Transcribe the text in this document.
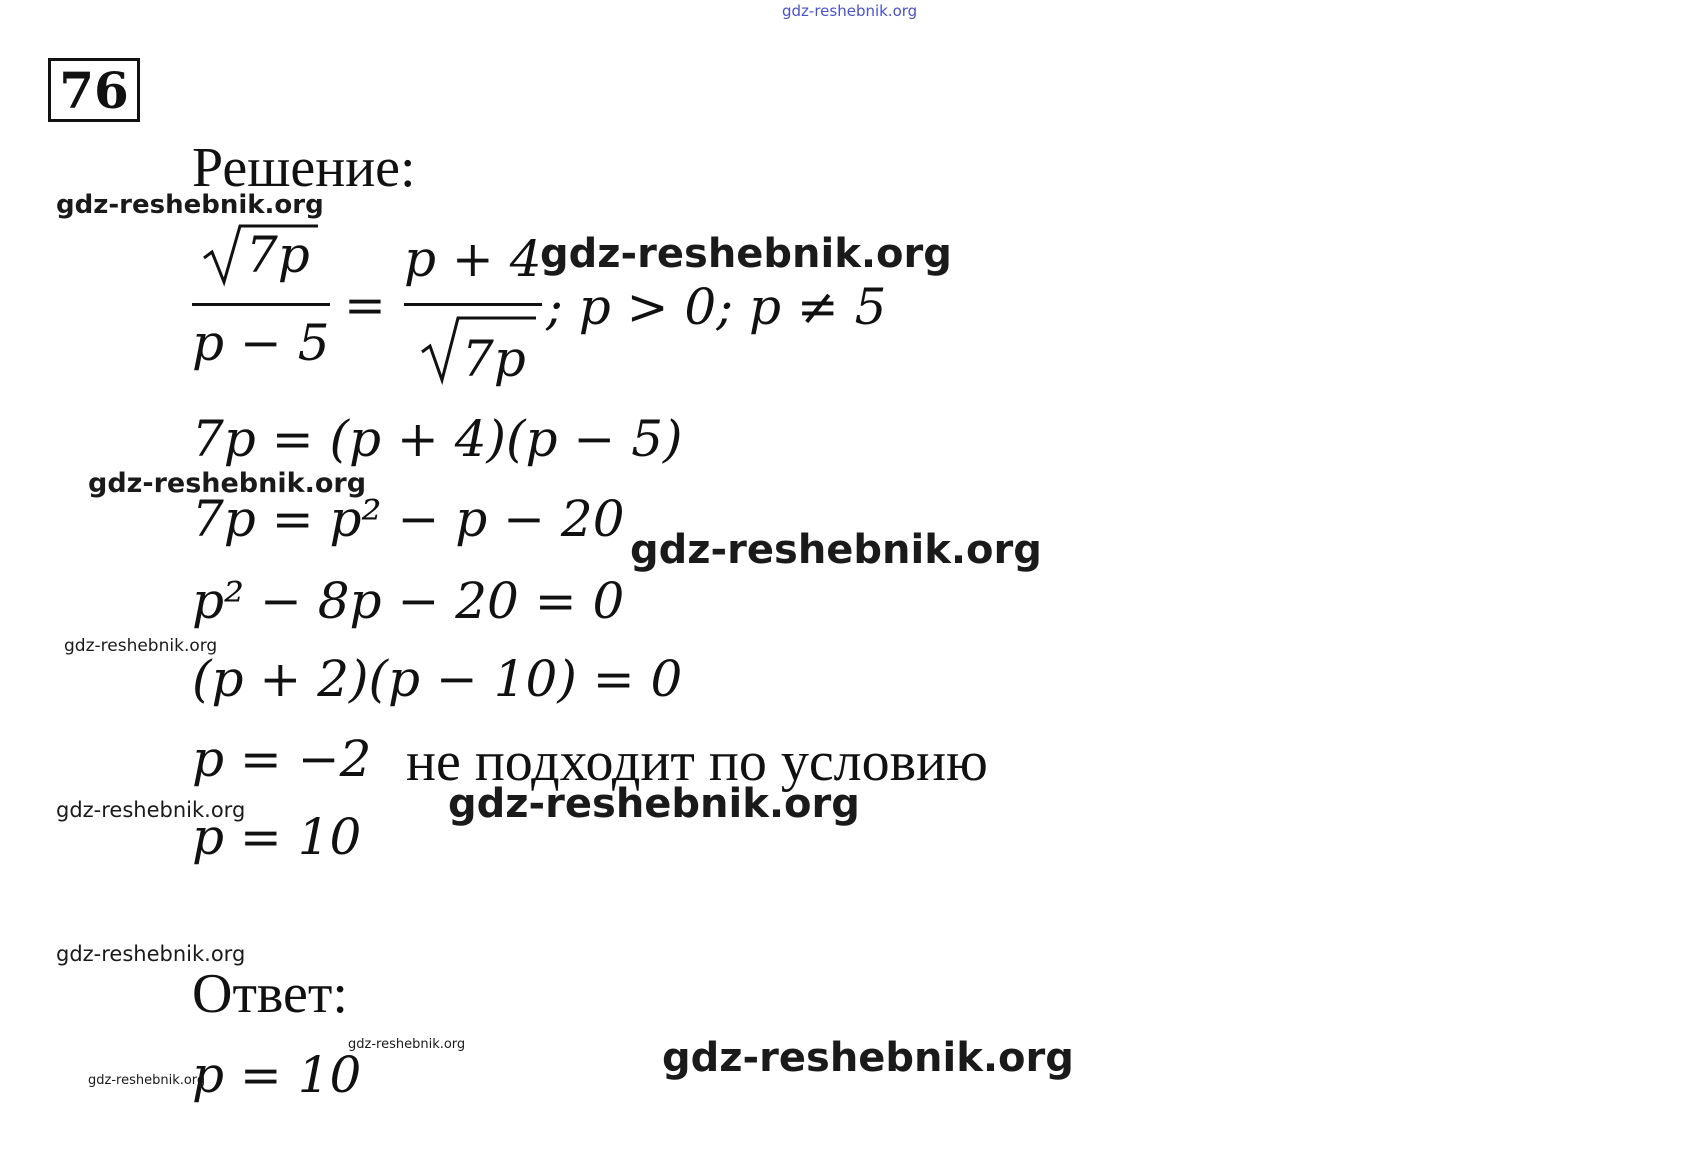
gdz-reshebnik.org
76
Решение:
7p
p − 5
=
p + 4
7p
; p > 0; p ≠ 5
7p = (p + 4)(p − 5)
7p = p² − p − 20
p² − 8p − 20 = 0
(p + 2)(p − 10) = 0
p = −2 не подходит по условию
p = 10
Ответ:
p = 10
gdz-reshebnik.org
gdz-reshebnik.org
gdz-reshebnik.org
gdz-reshebnik.org
gdz-reshebnik.org
gdz-reshebnik.org	gdz-reshebnik.org
gdz-reshebnik.org
gdz-reshebnik.org
gdz-reshebnik.org	gdz-reshebnik.org
